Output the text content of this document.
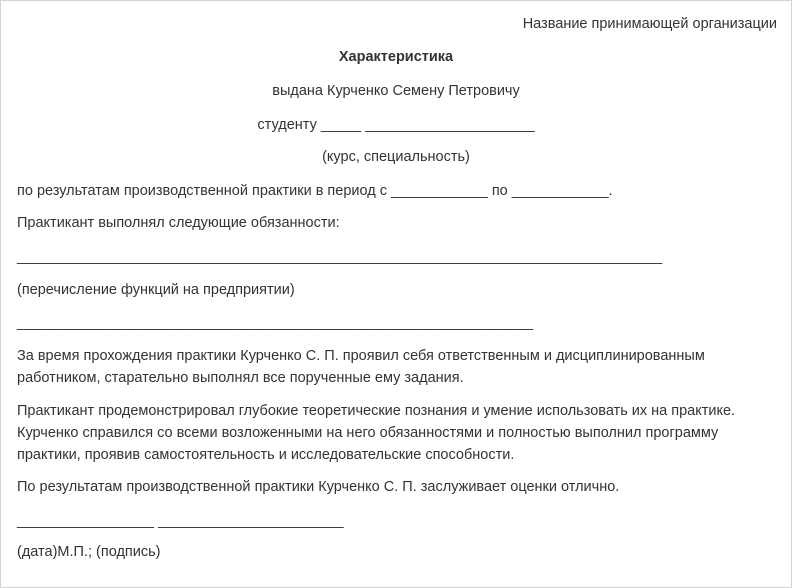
Название принимающей организации
Характеристика
выдана Курченко Семену Петровичу
студенту _____ _____________________
(курс, специальность)
по результатам производственной практики в период с ____________ по ____________.
Практикант выполнял следующие обязанности:
________________________________________________________________________________
(перечисление функций на предприятии)
________________________________________________________________
За время прохождения практики Курченко С. П. проявил себя ответственным и дисциплинированным работником, старательно выполнял все порученные ему задания.
Практикант продемонстрировал глубокие теоретические познания и умение использовать их на практике. Курченко справился со всеми возложенными на него обязанностями и полностью выполнил программу практики, проявив самостоятельность и исследовательские способности.
По результатам производственной практики Курченко С. П. заслуживает оценки отлично.
_________________ _______________________
(дата)М.П.; (подпись)
